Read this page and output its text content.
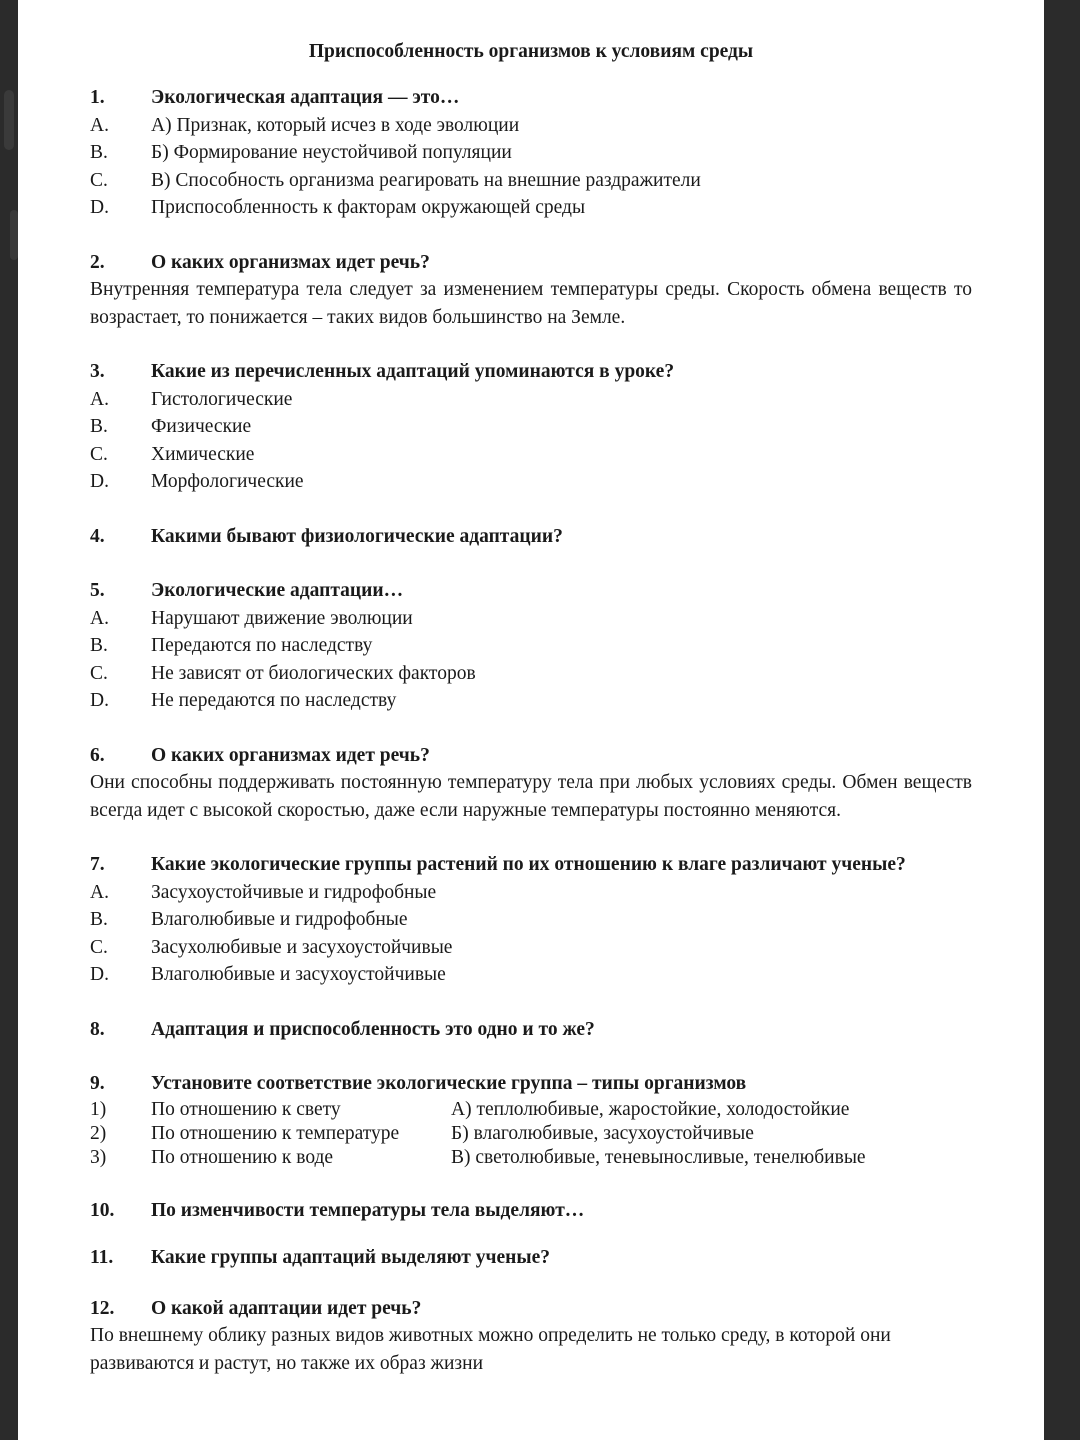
Приспособленность организмов к условиям среды
1.	Экологическая адаптация — это…
A.	А) Признак, который исчез в ходе эволюции
B.	Б) Формирование неустойчивой популяции
C.	В) Способность организма реагировать на внешние раздражители
D.	Приспособленность к факторам окружающей среды
2.	О каких организмах идет речь?
Внутренняя температура тела следует за изменением температуры среды. Скорость обмена веществ то возрастает, то понижается – таких видов большинство на Земле.
3.	Какие из перечисленных адаптаций упоминаются в уроке?
A.	Гистологические
B.	Физические
C.	Химические
D.	Морфологические
4.	Какими бывают физиологические адаптации?
5.	Экологические адаптации…
A.	Нарушают движение эволюции
B.	Передаются по наследству
C.	Не зависят от биологических факторов
D.	Не передаются по наследству
6.	О каких организмах идет речь?
Они способны поддерживать постоянную температуру тела при любых условиях среды. Обмен веществ всегда идет с высокой скоростью, даже если наружные температуры постоянно меняются.
7.	Какие экологические группы растений по их отношению к влаге различают ученые?
A.	Засухоустойчивые и гидрофобные
B.	Влаголюбивые и гидрофобные
C.	Засухолюбивые и засухоустойчивые
D.	Влаголюбивые и засухоустойчивые
8.	Адаптация и приспособленность это одно и то же?
9.	Установите соответствие экологические группа – типы организмов
1)	По отношению к свету	А) теплолюбивые, жаростойкие, холодостойкие
2)	По отношению к температуре	Б) влаголюбивые, засухоустойчивые
3)	По отношению к воде	В) светолюбивые, теневыносливые, тенелюбивые
10.	По изменчивости температуры тела выделяют…
11.	Какие группы адаптаций выделяют ученые?
12.	О какой адаптации идет речь?
По внешнему облику разных видов животных можно определить не только среду, в которой они развиваются и растут, но также их образ жизни
